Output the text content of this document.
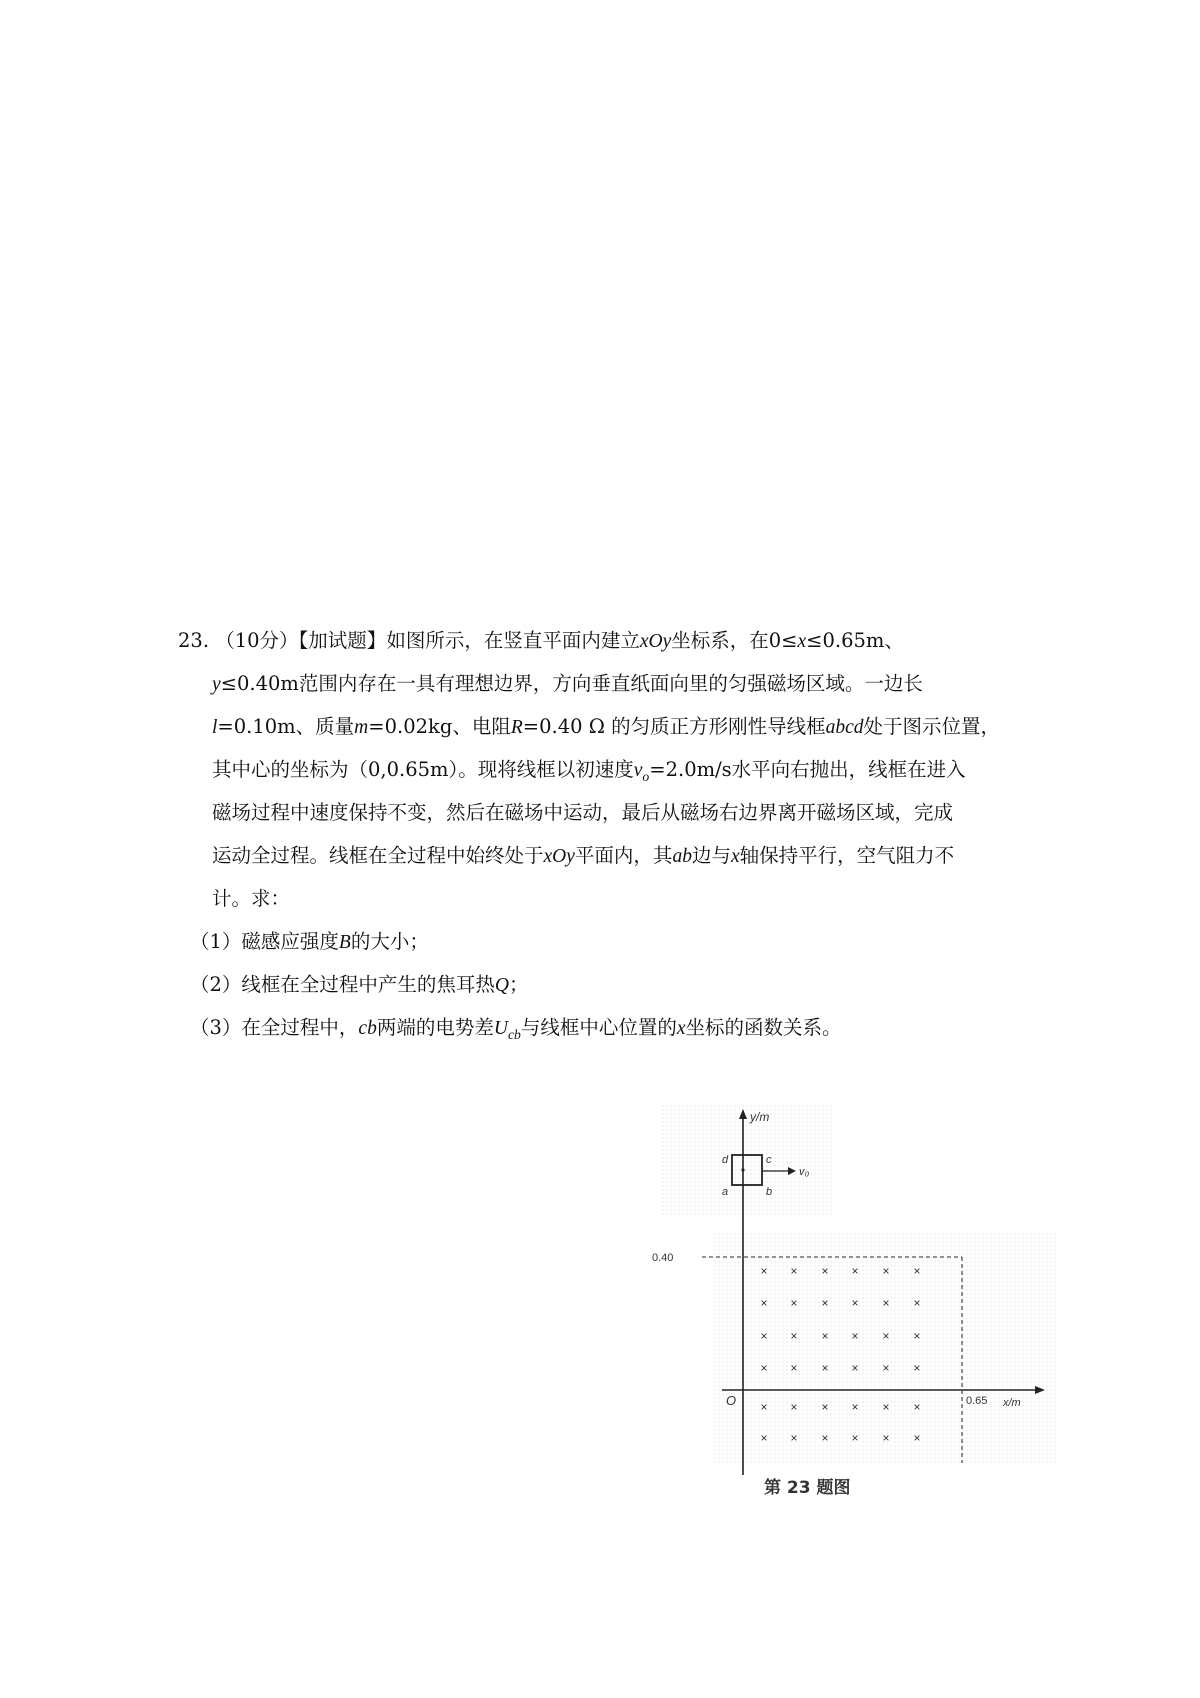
23. （10分）【加试题】如图所示，在竖直平面内建立xOy坐标系，在0≤x≤0.65m、
y≤0.40m范围内存在一具有理想边界，方向垂直纸面向里的匀强磁场区域。一边长
l=0.10m、质量m=0.02kg、电阻R=0.40 Ω 的匀质正方形刚性导线框abcd处于图示位置，
其中心的坐标为（0,0.65m）。现将线框以初速度$v_o=2.0m/s$水平向右抛出，线框在进入
磁场过程中速度保持不变，然后在磁场中运动，最后从磁场右边界离开磁场区域，完成
运动全过程。线框在全过程中始终处于xOy平面内，其ab边与x轴保持平行，空气阻力不
计。求：
（1）磁感应强度B的大小；
（2）线框在全过程中产生的焦耳热Q；
（3）在全过程中，cb两端的电势差$U_{cb}$与线框中心位置的x坐标的函数关系。
y/m
x/m
O
0.40
0.65
d	c
a	b
v₀
× × × × × ×
× × × × × ×
× × × × × ×
× × × × × ×
× × × × × ×
× × × × × ×
第 23 题图
